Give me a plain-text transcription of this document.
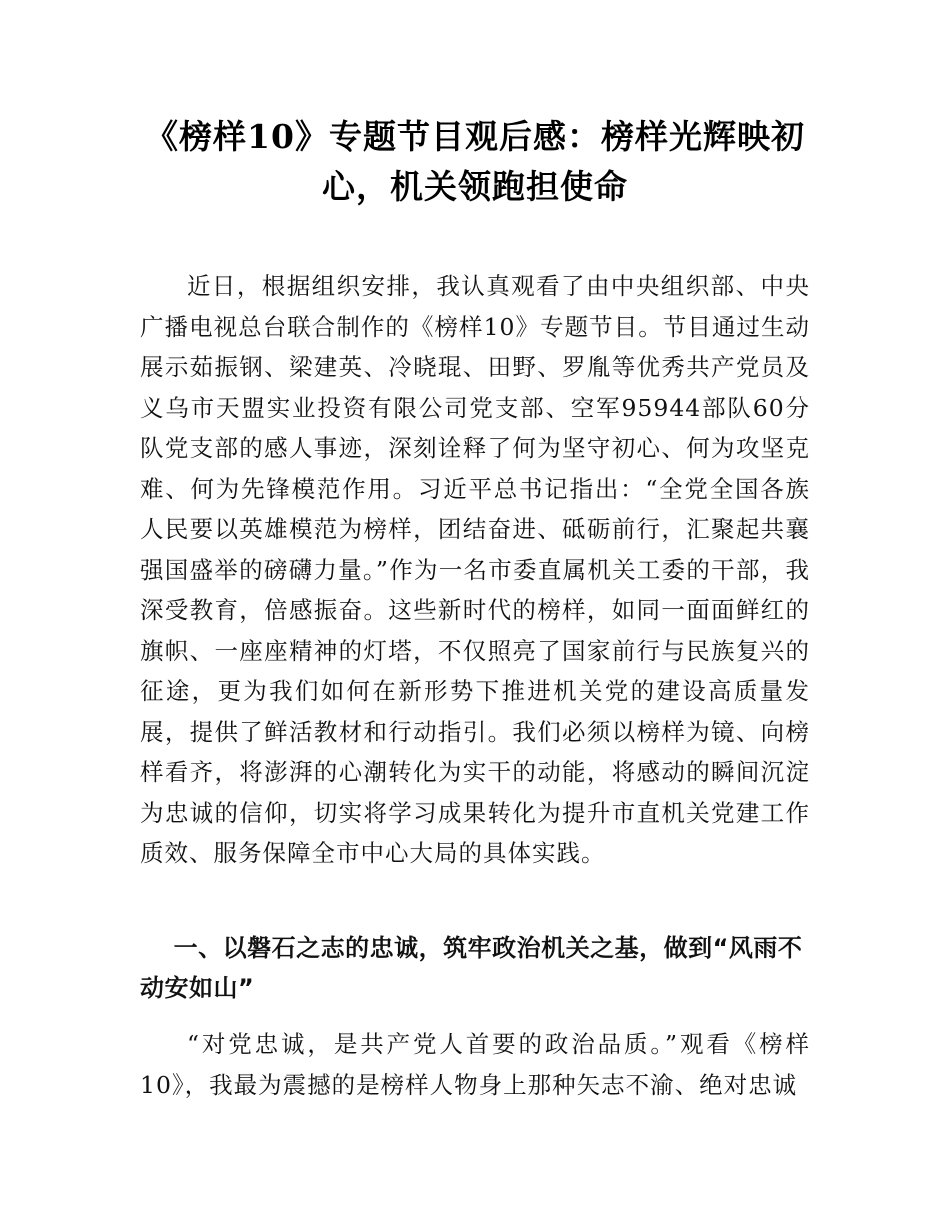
《榜样10》专题节目观后感：榜样光辉映初心，机关领跑担使命

近日，根据组织安排，我认真观看了由中央组织部、中央广播电视总台联合制作的《榜样10》专题节目。节目通过生动展示茹振钢、梁建英、冷晓琨、田野、罗胤等优秀共产党员及义乌市天盟实业投资有限公司党支部、空军95944部队60分队党支部的感人事迹，深刻诠释了何为坚守初心、何为攻坚克难、何为先锋模范作用。习近平总书记指出：“全党全国各族人民要以英雄模范为榜样，团结奋进、砥砺前行，汇聚起共襄强国盛举的磅礴力量。”作为一名市委直属机关工委的干部，我深受教育，倍感振奋。这些新时代的榜样，如同一面面鲜红的旗帜、一座座精神的灯塔，不仅照亮了国家前行与民族复兴的征途，更为我们如何在新形势下推进机关党的建设高质量发展，提供了鲜活教材和行动指引。我们必须以榜样为镜、向榜样看齐，将澎湃的心潮转化为实干的动能，将感动的瞬间沉淀为忠诚的信仰，切实将学习成果转化为提升市直机关党建工作质效、服务保障全市中心大局的具体实践。

一、以磐石之志的忠诚，筑牢政治机关之基，做到“风雨不动安如山”

“对党忠诚，是共产党人首要的政治品质。”观看《榜样10》，我最为震撼的是榜样人物身上那种矢志不渝、绝对忠诚
